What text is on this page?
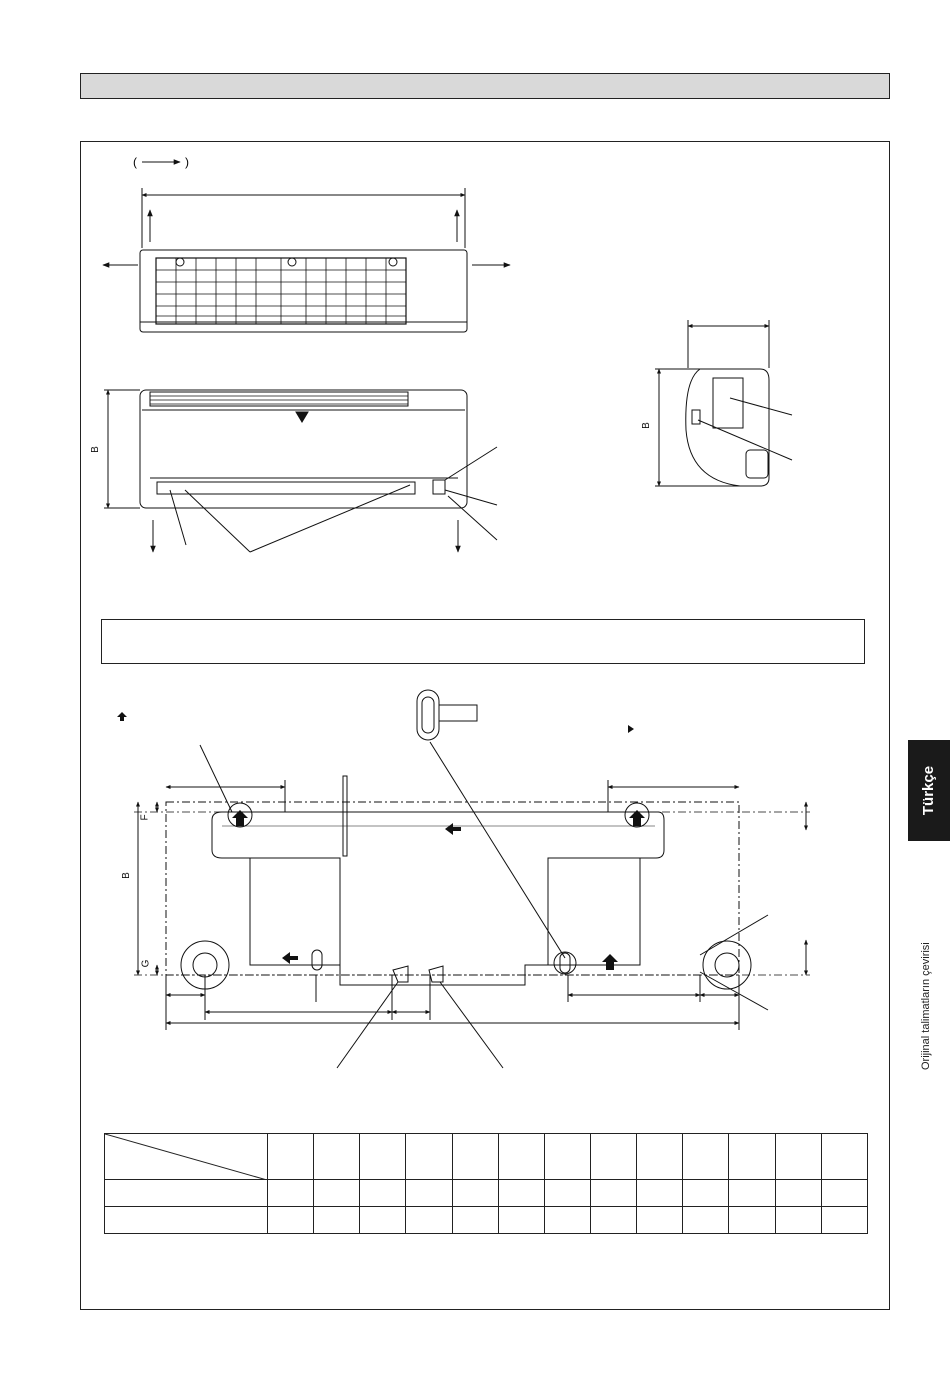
(	)
B
B
B
F
G

Türkçe
Orijinal talimatların çevirisi
